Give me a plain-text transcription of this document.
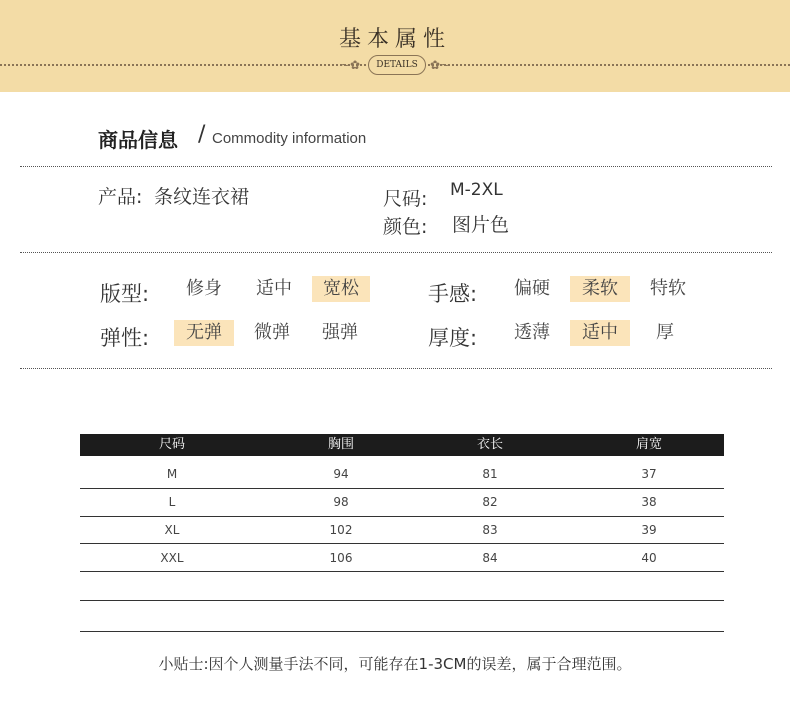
基本属性
~✿	DETAILS	✿~
商品信息 / Commodity information
产品: 条纹连衣裙	尺码: M-2XL
颜色: 图片色
版型:	修身	适中	宽松	手感:	偏硬	柔软	特软
弹性:	无弹	微弹	强弹	厚度:	透薄	适中	厚
尺码	胸围	衣长	肩宽
M	94	81	37
L	98	82	38
XL	102	83	39
XXL	106	84	40
小贴士:因个人测量手法不同，可能存在1-3CM的误差，属于合理范围。
